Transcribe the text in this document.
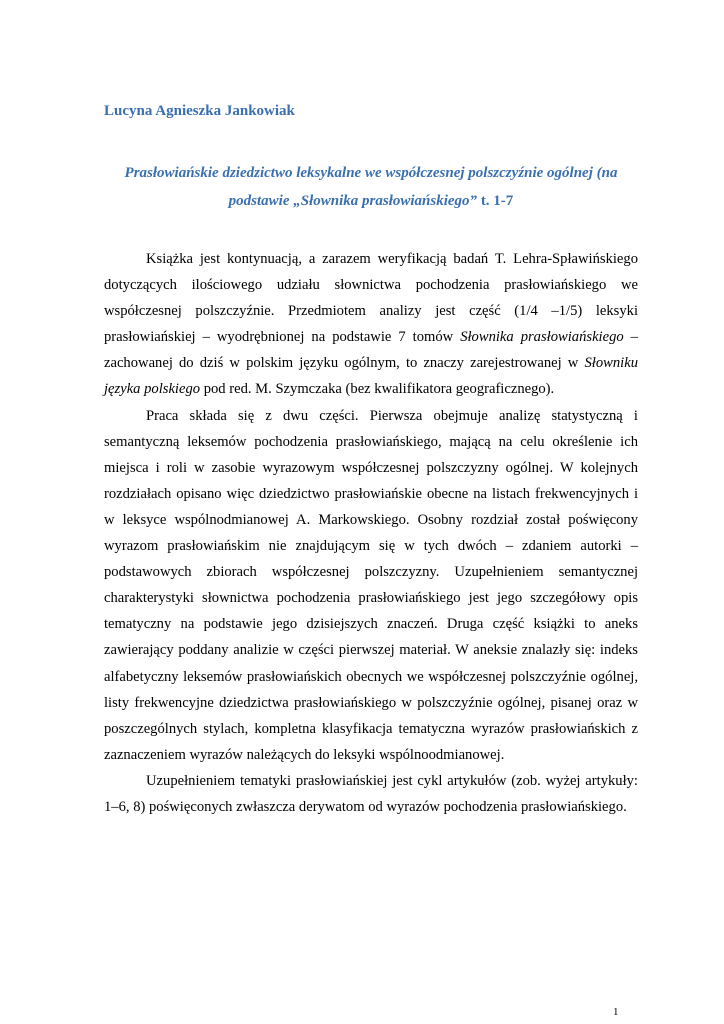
Lucyna Agnieszka Jankowiak
Prasłowiańskie dziedzictwo leksykalne we współczesnej polszczyźnie ogólnej (na podstawie „Słownika prasłowiańskiego” t. 1-7

Książka jest kontynuacją, a zarazem weryfikacją badań T. Lehra-Spławińskiego dotyczących ilościowego udziału słownictwa pochodzenia prasłowiańskiego we współczesnej polszczyźnie. Przedmiotem analizy jest część (1/4 –1/5) leksyki prasłowiańskiej – wyodrębnionej na podstawie 7 tomów Słownika prasłowiańskiego – zachowanej do dziś w polskim języku ogólnym, to znaczy zarejestrowanej w Słowniku języka polskiego pod red. M. Szymczaka (bez kwalifikatora geograficznego).

Praca składa się z dwu części. Pierwsza obejmuje analizę statystyczną i semantyczną leksemów pochodzenia prasłowiańskiego, mającą na celu określenie ich miejsca i roli w zasobie wyrazowym współczesnej polszczyzny ogólnej. W kolejnych rozdziałach opisano więc dziedzictwo prasłowiańskie obecne na listach frekwencyjnych i w leksyce wspólnodmianowej A. Markowskiego. Osobny rozdział został poświęcony wyrazom prasłowiańskim nie znajdującym się w tych dwóch – zdaniem autorki – podstawowych zbiorach współczesnej polszczyzny. Uzupełnieniem semantycznej charakterystyki słownictwa pochodzenia prasłowiańskiego jest jego szczegółowy opis tematyczny na podstawie jego dzisiejszych znaczeń. Druga część książki to aneks zawierający poddany analizie w części pierwszej materiał. W aneksie znalazły się: indeks alfabetyczny leksemów prasłowiańskich obecnych we współczesnej polszczyźnie ogólnej, listy frekwencyjne dziedzictwa prasłowiańskiego w polszczyźnie ogólnej, pisanej oraz w poszczególnych stylach, kompletna klasyfikacja tematyczna wyrazów prasłowiańskich z zaznaczeniem wyrazów należących do leksyki wspólnoodmianowej.

Uzupełnieniem tematyki prasłowiańskiej jest cykl artykułów (zob. wyżej artykuły: 1–6, 8) poświęconych zwłaszcza derywatom od wyrazów pochodzenia prasłowiańskiego.

1
